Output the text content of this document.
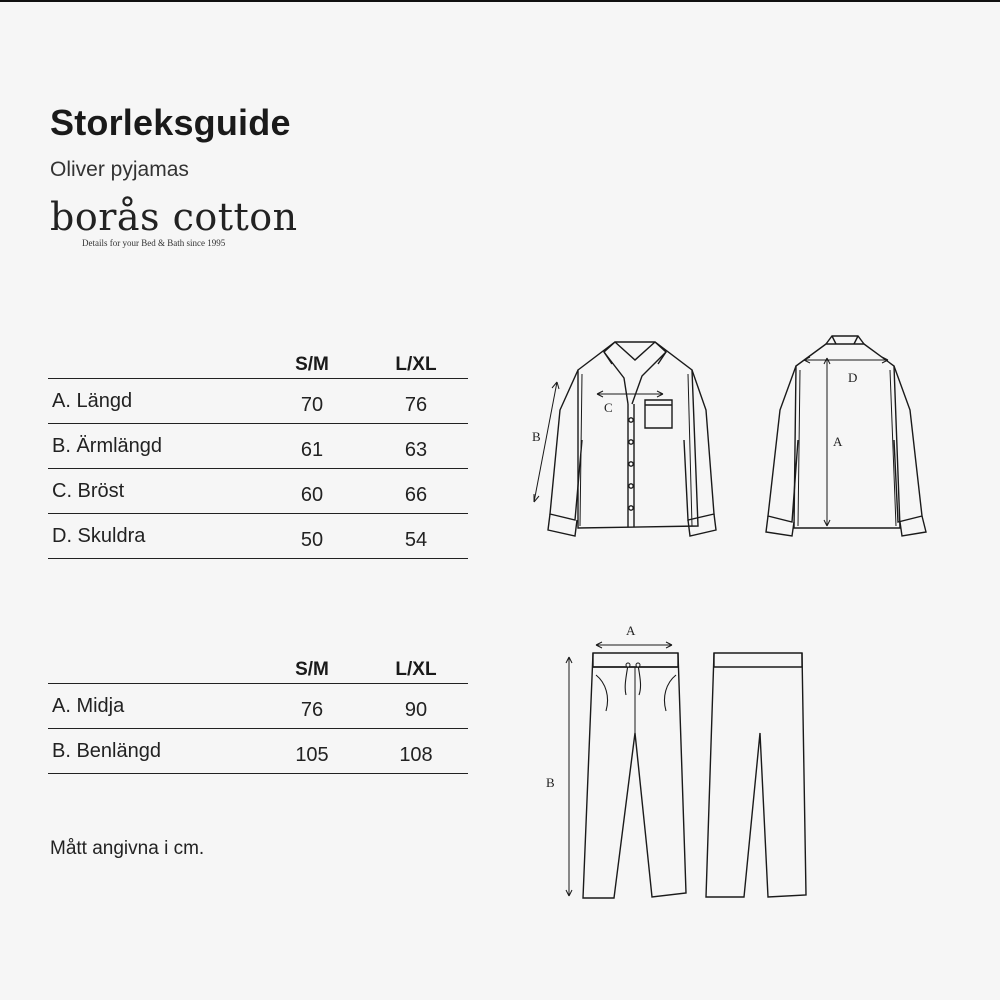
Storleksguide
Oliver pyjamas
borås cotton
Details for your Bed & Bath since 1995
	S/M	L/XL
A. Längd	70	76
B. Ärmlängd	61	63
C. Bröst	60	66
D. Skuldra	50	54
	S/M	L/XL
A. Midja	76	90
B. Benlängd	105	108
Mått angivna i cm.
B
C
D
A
A
B
